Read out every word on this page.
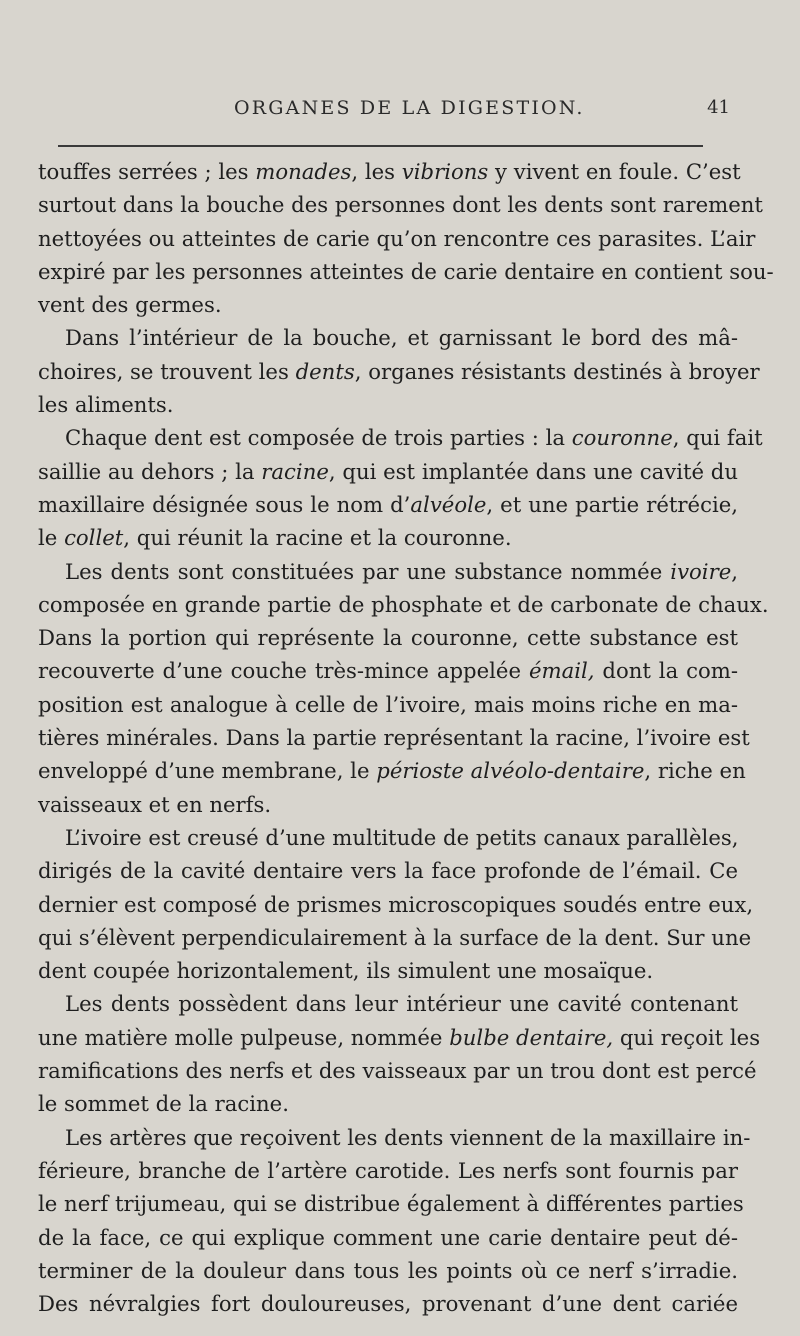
ORGANES DE LA DIGESTION.	41
touffes serrées ; les monades, les vibrions y vivent en foule. C’est
surtout dans la bouche des personnes dont les dents sont rarement
nettoyées ou atteintes de carie qu’on rencontre ces parasites. L’air
expiré par les personnes atteintes de carie dentaire en contient sou-
vent des germes.
Dans l’intérieur de la bouche, et garnissant le bord des mâ-
choires, se trouvent les dents, organes résistants destinés à broyer
les aliments.
Chaque dent est composée de trois parties : la couronne, qui fait
saillie au dehors ; la racine, qui est implantée dans une cavité du
maxillaire désignée sous le nom d’alvéole, et une partie rétrécie,
le collet, qui réunit la racine et la couronne.
Les dents sont constituées par une substance nommée ivoire,
composée en grande partie de phosphate et de carbonate de chaux.
Dans la portion qui représente la couronne, cette substance est
recouverte d’une couche très-mince appelée émail, dont la com-
position est analogue à celle de l’ivoire, mais moins riche en ma-
tières minérales. Dans la partie représentant la racine, l’ivoire est
enveloppé d’une membrane, le périoste alvéolo-dentaire, riche en
vaisseaux et en nerfs.
L’ivoire est creusé d’une multitude de petits canaux parallèles,
dirigés de la cavité dentaire vers la face profonde de l’émail. Ce
dernier est composé de prismes microscopiques soudés entre eux,
qui s’élèvent perpendiculairement à la surface de la dent. Sur une
dent coupée horizontalement, ils simulent une mosaïque.
Les dents possèdent dans leur intérieur une cavité contenant
une matière molle pulpeuse, nommée bulbe dentaire, qui reçoit les
ramifications des nerfs et des vaisseaux par un trou dont est percé
le sommet de la racine.
Les artères que reçoivent les dents viennent de la maxillaire in-
férieure, branche de l’artère carotide. Les nerfs sont fournis par
le nerf trijumeau, qui se distribue également à différentes parties
de la face, ce qui explique comment une carie dentaire peut dé-
terminer de la douleur dans tous les points où ce nerf s’irradie.
Des névralgies fort douloureuses, provenant d’une dent cariée
